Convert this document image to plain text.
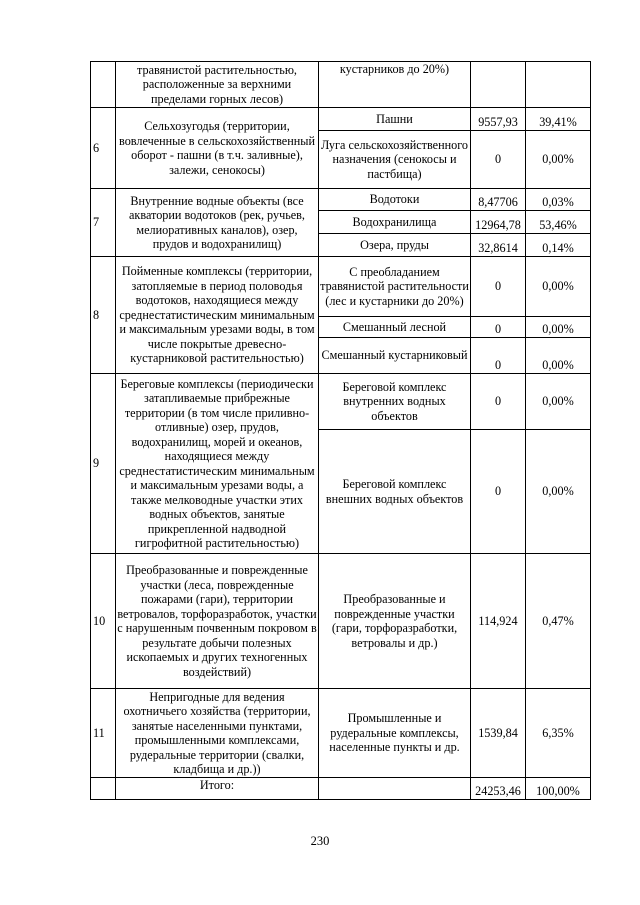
	травянистой растительностью, расположенные за верхними пределами горных лесов)	кустарников до 20%)		
6	Сельхозугодья (территории, вовлеченные в сельскохозяйственный оборот - пашни (в т.ч. заливные), залежи, сенокосы)	Пашни	9557,93	39,41%
		Луга сельскохозяйственного назначения (сенокосы и пастбища)	0	0,00%
7	Внутренние водные объекты (все акватории водотоков (рек, ручьев, мелиоративных каналов), озер, прудов и водохранилищ)	Водотоки	8,47706	0,03%
		Водохранилища	12964,78	53,46%
		Озера, пруды	32,8614	0,14%
8	Пойменные комплексы (территории, затопляемые в период половодья водотоков, находящиеся между среднестатистическим минимальным и максимальным урезами воды, в том числе покрытые древесно-кустарниковой растительностью)	С преобладанием травянистой растительности (лес и кустарники до 20%)	0	0,00%
		Смешанный лесной	0	0,00%
		Смешанный кустарниковый	0	0,00%
9	Береговые комплексы (периодически затапливаемые прибрежные территории (в том числе приливно-отливные) озер, прудов, водохранилищ, морей и океанов, находящиеся между среднестатистическим минимальным и максимальным урезами воды, а также мелководные участки этих водных объектов, занятые прикрепленной надводной гигрофитной растительностью)	Береговой комплекс внутренних водных объектов	0	0,00%
		Береговой комплекс внешних водных объектов	0	0,00%
10	Преобразованные и поврежденные участки (леса, поврежденные пожарами (гари), территории ветровалов, торфоразработок, участки с нарушенным почвенным покровом в результате добычи полезных ископаемых и других техногенных воздействий)	Преобразованные и поврежденные участки (гари, торфоразработки, ветровалы и др.)	114,924	0,47%
11	Непригодные для ведения охотничьего хозяйства (территории, занятые населенными пунктами, промышленными комплексами, рудеральные территории (свалки, кладбища и др.))	Промышленные и рудеральные комплексы, населенные пункты и др.	1539,84	6,35%
	Итого:		24253,46	100,00%
230
